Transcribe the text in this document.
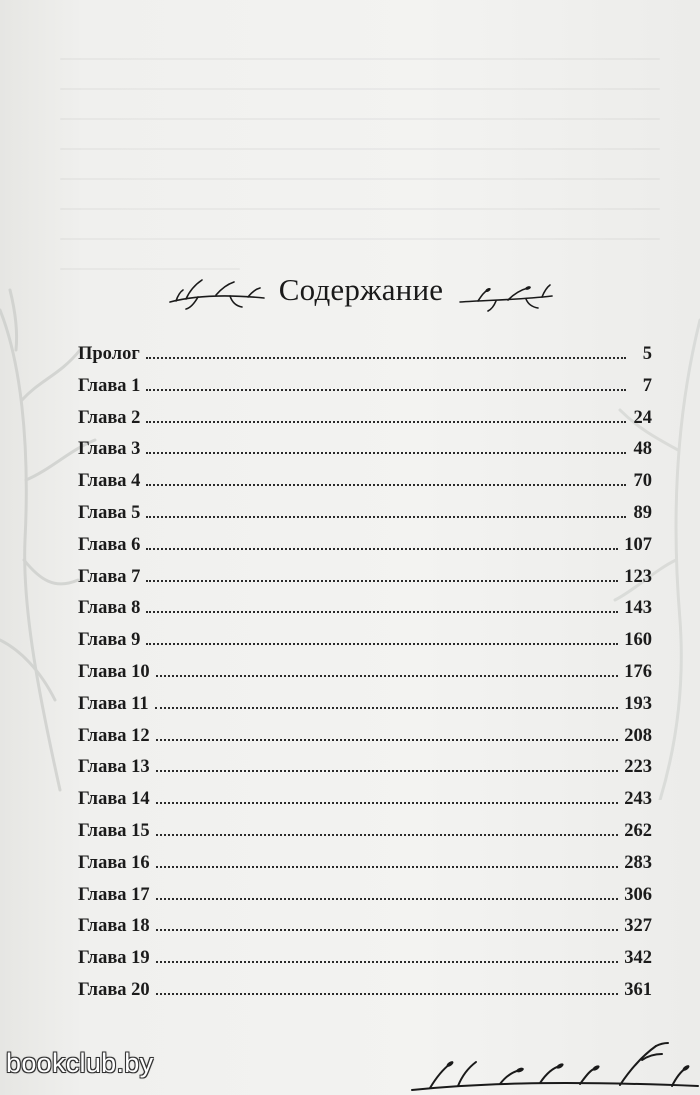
Содержание
Пролог	5
Глава 1	7
Глава 2	24
Глава 3	48
Глава 4	70
Глава 5	89
Глава 6	107
Глава 7	123
Глава 8	143
Глава 9	160
Глава 10	176
Глава 11	193
Глава 12	208
Глава 13	223
Глава 14	243
Глава 15	262
Глава 16	283
Глава 17	306
Глава 18	327
Глава 19	342
Глава 20	361
bookclub.by
